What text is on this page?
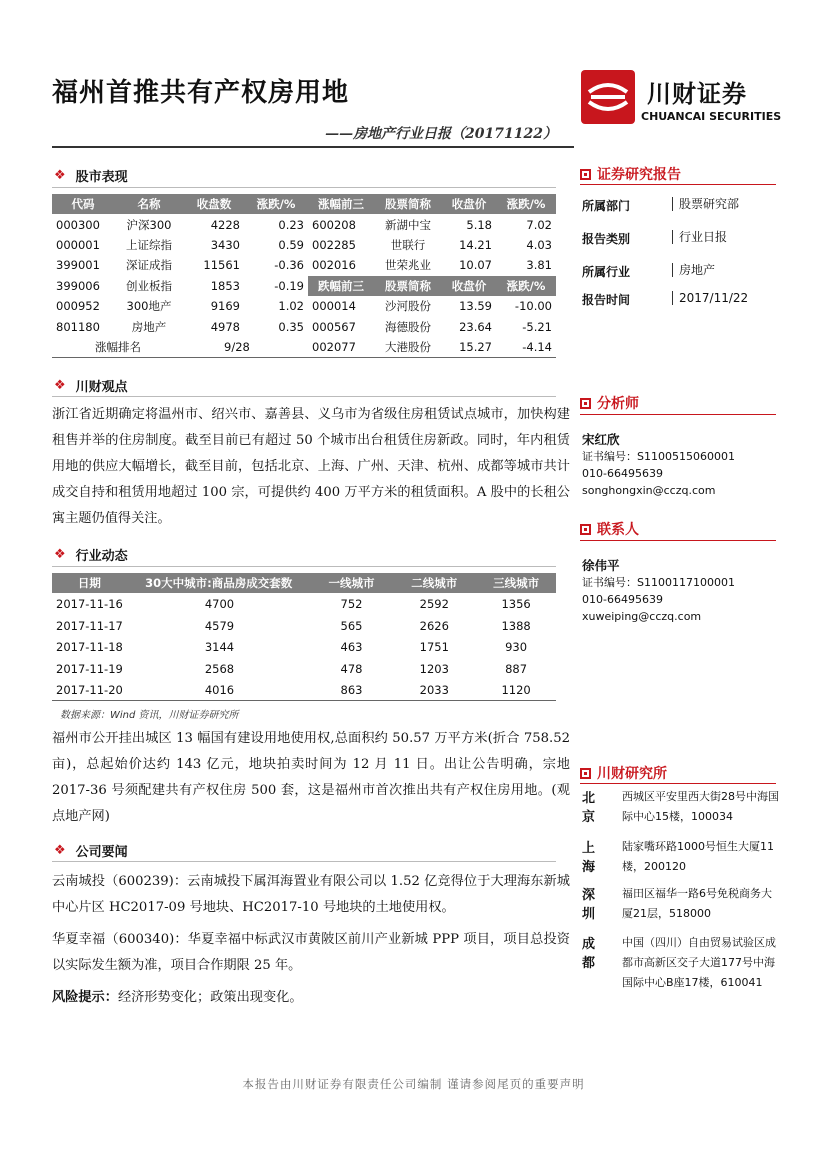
福州首推共有产权房用地
——房地产行业日报（20171122）
川财证券
CHUANCAI SECURITIES
❖ 股市表现
代码	名称	收盘数	涨跌/%	涨幅前三	股票简称	收盘价	涨跌/%
000300	沪深300	4228	0.23	600208	新湖中宝	5.18	7.02
000001	上证综指	3430	0.59	002285	世联行	14.21	4.03
399001	深证成指	11561	-0.36	002016	世荣兆业	10.07	3.81
399006	创业板指	1853	-0.19	跌幅前三	股票简称	收盘价	涨跌/%
000952	300地产	9169	1.02	000014	沙河股份	13.59	-10.00
801180	房地产	4978	0.35	000567	海德股份	23.64	-5.21
涨幅排名		9/28		002077	大港股份	15.27	-4.14
❖ 川财观点
浙江省近期确定将温州市、绍兴市、嘉善县、义乌市为省级住房租赁试点城市，加快构建租售并举的住房制度。截至目前已有超过 50 个城市出台租赁住房新政。同时，年内租赁用地的供应大幅增长，截至目前，包括北京、上海、广州、天津、杭州、成都等城市共计成交自持和租赁用地超过 100 宗，可提供约 400 万平方米的租赁面积。A 股中的长租公寓主题仍值得关注。
❖ 行业动态
日期	30大中城市:商品房成交套数	一线城市	二线城市	三线城市
2017-11-16	4700	752	2592	1356
2017-11-17	4579	565	2626	1388
2017-11-18	3144	463	1751	930
2017-11-19	2568	478	1203	887
2017-11-20	4016	863	2033	1120
数据来源：Wind 资讯，川财证券研究所
福州市公开挂出城区 13 幅国有建设用地使用权,总面积约 50.57 万平方米(折合 758.52 亩)，总起始价达约 143 亿元，地块拍卖时间为 12 月 11 日。出让公告明确，宗地 2017-36 号须配建共有产权住房 500 套，这是福州市首次推出共有产权住房用地。(观点地产网)
❖ 公司要闻
云南城投（600239)：云南城投下属洱海置业有限公司以 1.52 亿竞得位于大理海东新城中心片区 HC2017-09 号地块、HC2017-10 号地块的土地使用权。
华夏幸福（600340)：华夏幸福中标武汉市黄陂区前川产业新城 PPP 项目，项目总投资以实际发生额为准，项目合作期限 25 年。
风险提示：经济形势变化；政策出现变化。
证券研究报告
所属部门	股票研究部
报告类别	行业日报
所属行业	房地产
报告时间	2017/11/22
分析师
宋红欣
证书编号：S1100515060001
010-66495639
songhongxin@cczq.com
联系人
徐伟平
证书编号：S1100117100001
010-66495639
xuweiping@cczq.com
川财研究所
北京
西城区平安里西大街28号中海国际中心15楼，100034
上海
陆家嘴环路1000号恒生大厦11楼，200120
深圳
福田区福华一路6号免税商务大厦21层，518000
成都
中国（四川）自由贸易试验区成都市高新区交子大道177号中海国际中心B座17楼，610041
本报告由川财证券有限责任公司编制 谨请参阅尾页的重要声明
